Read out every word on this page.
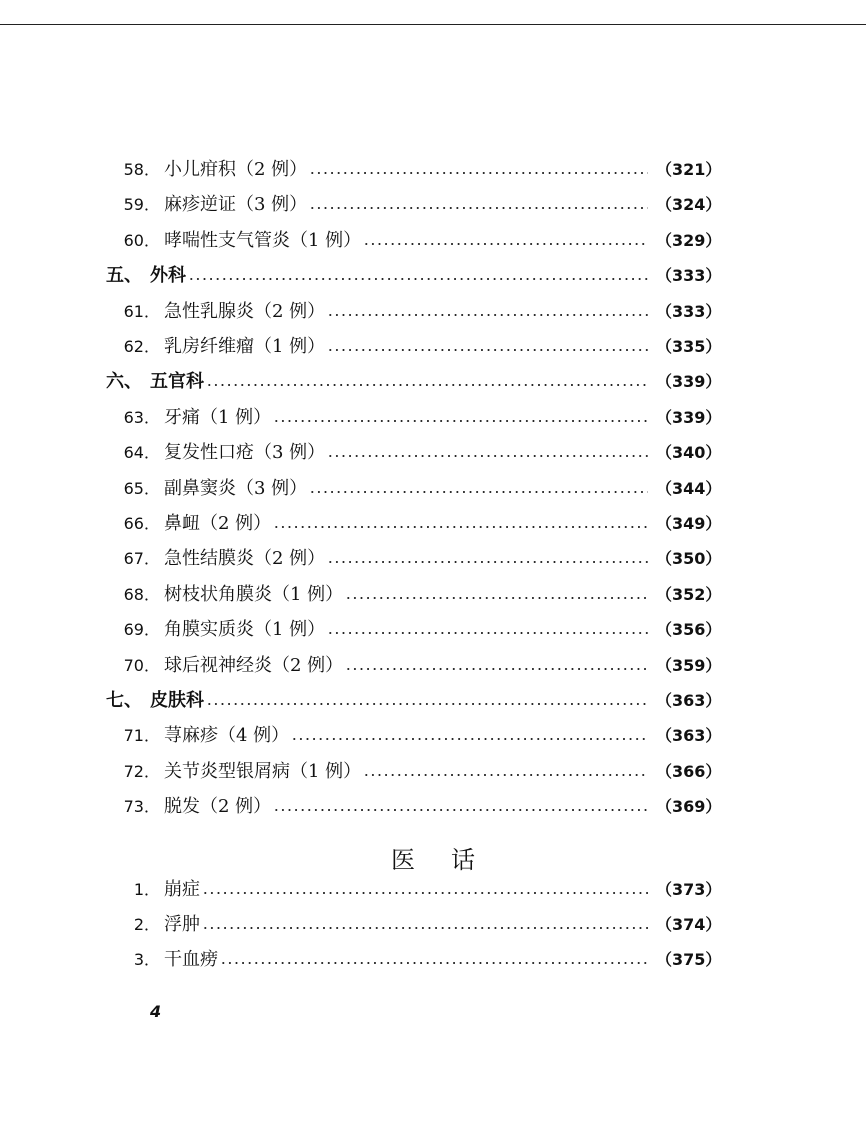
58． 小儿疳积（2 例）	（321）
59． 麻疹逆证（3 例）	（324）
60． 哮喘性支气管炎（1 例）	（329）
五、 外科	（333）
61． 急性乳腺炎（2 例）	（333）
62． 乳房纤维瘤（1 例）	（335）
六、 五官科	（339）
63． 牙痛（1 例）	（339）
64． 复发性口疮（3 例）	（340）
65． 副鼻窦炎（3 例）	（344）
66． 鼻衄（2 例）	（349）
67． 急性结膜炎（2 例）	（350）
68． 树枝状角膜炎（1 例）	（352）
69． 角膜实质炎（1 例）	（356）
70． 球后视神经炎（2 例）	（359）
七、 皮肤科	（363）
71． 荨麻疹（4 例）	（363）
72． 关节炎型银屑病（1 例）	（366）
73． 脱发（2 例）	（369）
1． 崩症	（373）
2． 浮肿	（374）
3． 干血痨	（375）
医话
4
